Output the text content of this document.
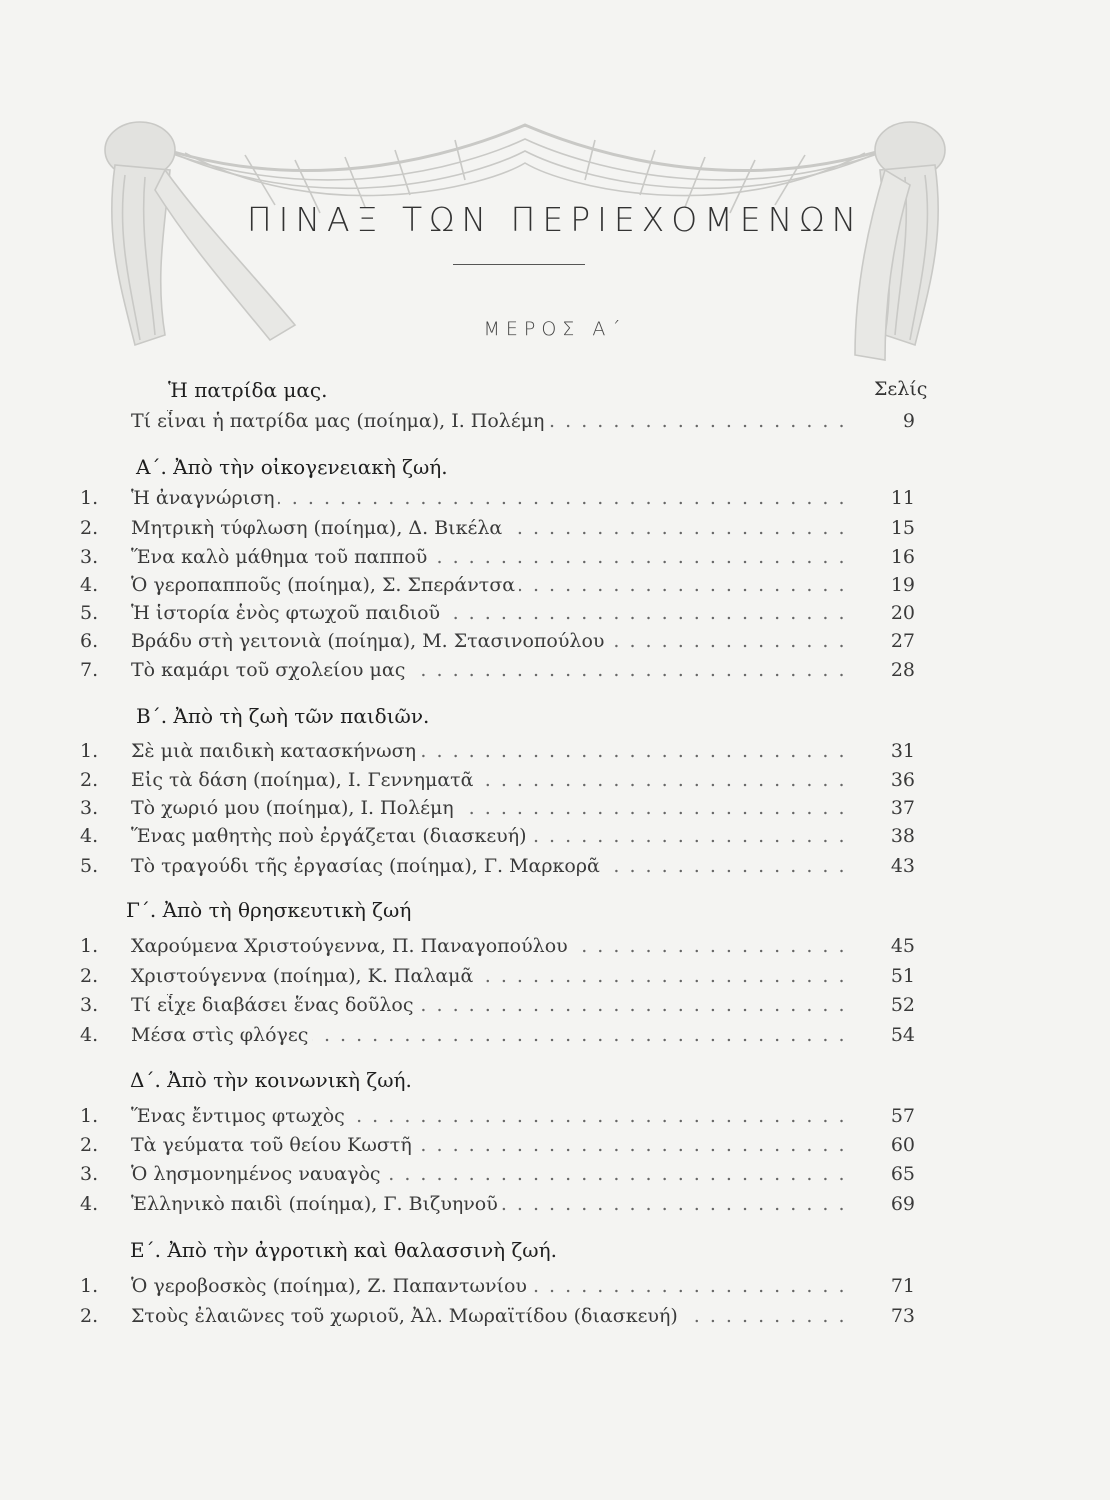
ΠΙΝΑΞ ΤΩΝ ΠΕΡΙΕΧΟΜΕΝΩΝ
ΜΕΡΟΣ Α΄
Ἡ πατρίδα μας.	Σελίς
Τί εἶναι ἡ πατρίδα μας (ποίημα), Ι. Πολέμη . . .	9
Α΄. Ἀπὸ τὴν οἰκογενειακὴ ζωή.
1.	Ἡ ἀναγνώριση . . .	11
2.	Μητρικὴ τύφλωση (ποίημα), Δ. Βικέλα . . .	15
3.	Ἕνα καλὸ μάθημα τοῦ παπποῦ . . .	16
4.	Ὁ γεροπαπποῦς (ποίημα), Σ. Σπεράντσα . . .	19
5.	Ἡ ἱστορία ἑνὸς φτωχοῦ παιδιοῦ . . .	20
6.	Βράδυ στὴ γειτονιὰ (ποίημα), Μ. Στασινοπούλου . . .	27
7.	Τὸ καμάρι τοῦ σχολείου μας . . .	28
Β΄. Ἀπὸ τὴ ζωὴ τῶν παιδιῶν.
1.	Σὲ μιὰ παιδικὴ κατασκήνωση . . .	31
2.	Εἰς τὰ δάση (ποίημα), Ι. Γεννηματᾶ . . .	36
3.	Τὸ χωριό μου (ποίημα), Ι. Πολέμη . . .	37
4.	Ἕνας μαθητὴς ποὺ ἐργάζεται (διασκευή) . . .	38
5.	Τὸ τραγούδι τῆς ἐργασίας (ποίημα), Γ. Μαρκορᾶ . . .	43
Γ΄. Ἀπὸ τὴ θρησκευτικὴ ζωή
1.	Χαρούμενα Χριστούγεννα, Π. Παναγοπούλου . . .	45
2.	Χριστούγεννα (ποίημα), Κ. Παλαμᾶ . . .	51
3.	Τί εἶχε διαβάσει ἕνας δοῦλος . . .	52
4.	Μέσα στὶς φλόγες . . .	54
Δ΄. Ἀπὸ τὴν κοινωνικὴ ζωή.
1.	Ἕνας ἔντιμος φτωχὸς . . .	57
2.	Τὰ γεύματα τοῦ θείου Κωστῆ . . .	60
3.	Ὁ λησμονημένος ναυαγὸς . . .	65
4.	Ἑλληνικὸ παιδὶ (ποίημα), Γ. Βιζυηνοῦ . . .	69
Ε΄. Ἀπὸ τὴν ἀγροτικὴ καὶ θαλασσινὴ ζωή.
1.	Ὁ γεροβοσκὸς (ποίημα), Ζ. Παπαντωνίου . . .	71
2.	Στοὺς ἐλαιῶνες τοῦ χωριοῦ, Ἀλ. Μωραϊτίδου (διασκευή) . . .	73
